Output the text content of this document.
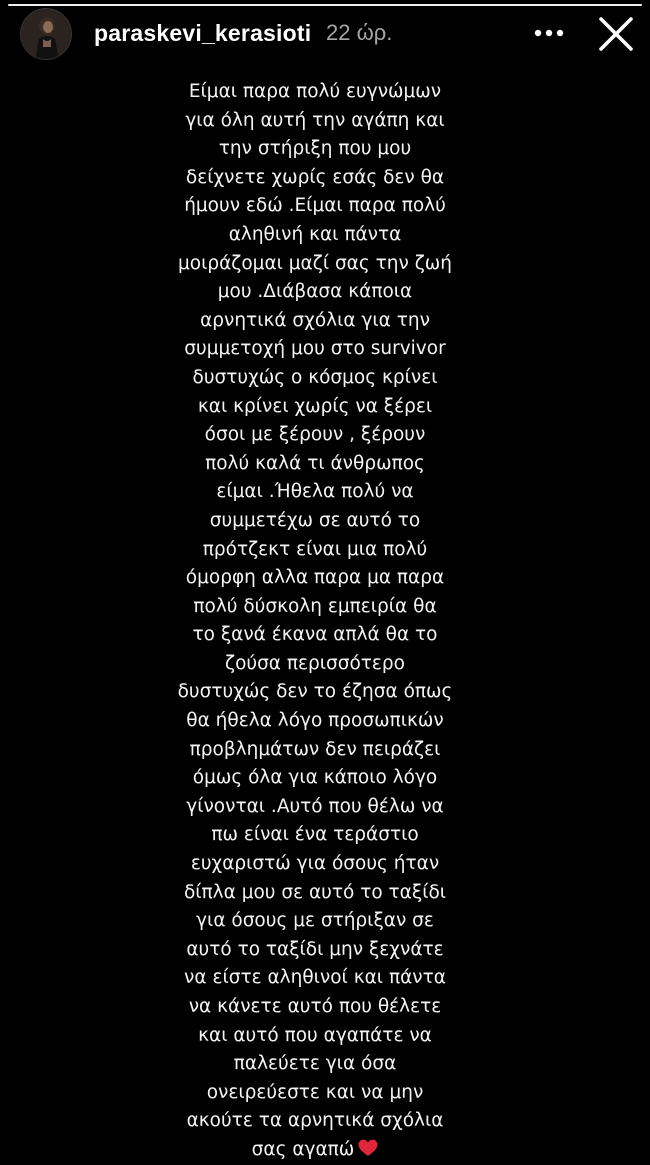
paraskevi_kerasioti 22 ώρ.
Είμαι παρα πολύ ευγνώμων
για όλη αυτή την αγάπη και
την στήριξη που μου
δείχνετε χωρίς εσάς δεν θα
ήμουν εδώ .Είμαι παρα πολύ
αληθινή και πάντα
μοιράζομαι μαζί σας την ζωή
μου .Διάβασα κάποια
αρνητικά σχόλια για την
συμμετοχή μου στο survivor
δυστυχώς ο κόσμος κρίνει
και κρίνει χωρίς να ξέρει
όσοι με ξέρουν , ξέρουν
πολύ καλά τι άνθρωπος
είμαι .Ήθελα πολύ να
συμμετέχω σε αυτό το
πρότζεκτ είναι μια πολύ
όμορφη αλλα παρα μα παρα
πολύ δύσκολη εμπειρία θα
το ξανά έκανα απλά θα το
ζούσα περισσότερο
δυστυχώς δεν το έζησα όπως
θα ήθελα λόγο προσωπικών
προβλημάτων δεν πειράζει
όμως όλα για κάποιο λόγο
γίνονται .Αυτό που θέλω να
πω είναι ένα τεράστιο
ευχαριστώ για όσους ήταν
δίπλα μου σε αυτό το ταξίδι
για όσους με στήριξαν σε
αυτό το ταξίδι μην ξεχνάτε
να είστε αληθινοί και πάντα
να κάνετε αυτό που θέλετε
και αυτό που αγαπάτε να
παλεύετε για όσα
ονειρεύεστε και να μην
ακούτε τα αρνητικά σχόλια
σας αγαπώ
